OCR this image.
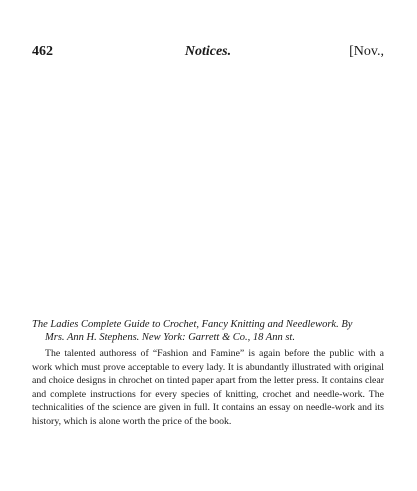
462	Notices.	[Nov.,

The Ladies Complete Guide to Crochet, Fancy Knitting and Needlework. By
Mrs. Ann H. Stephens. New York: Garrett & Co., 18 Ann st.

The talented authoress of “Fashion and Famine” is again before the public with a work which must prove acceptable to every lady. It is abundantly illustrated with original and choice designs in chrochet on tinted paper apart from the letter press. It contains clear and complete instructions for every species of knitting, crochet and needle-work. The technicalities of the science are given in full. It contains an essay on needle-work and its history, which is alone worth the price of the book.
